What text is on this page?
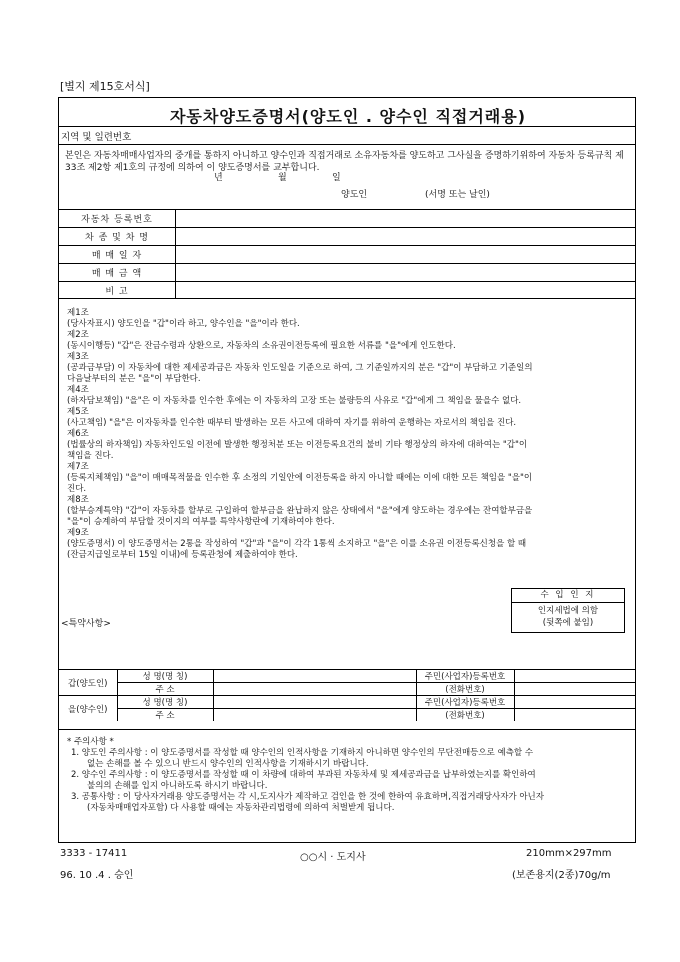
[별지 제15호서식]
자동차양도증명서(양도인 . 양수인 직접거래용)
지역 및 일련번호
본인은 자동차매매사업자의 중개를 통하지 아니하고 양수인과 직접거래로 소유자동차를 양도하고 그사실을 증명하기위하여 자동차 등록규칙 제33조 제2항 제1호의 규정에 의하여 이 양도증명서를 교부합니다.
년	월	일
양도인	(서명 또는 날인)
자동차 등록번호	
차 종 및 차 명	
매 매 일 자	
매 매 금 액	
비 고	

제1조

(당사자표시) 양도인을 "갑"이라 하고, 양수인을 "을"이라 한다.

제2조

(동시이행등) "갑"은 잔금수령과 상환으로, 자동차의 소유권이전등록에 필요한 서류를 "을"에게 인도한다.

제3조

(공과금부담) 이 자동차에 대한 제세공과금은 자동차 인도일을 기준으로 하여, 그 기준일까지의 분은 "갑"이 부담하고 기준일의

다음날부터의 분은 "을"이 부담한다.

제4조

(하자담보책임) "을"은 이 자동차를 인수한 후에는 이 자동차의 고장 또는 불량등의 사유로 "갑"에게 그 책임을 물을수 없다.

제5조

(사고책임) "을"은 이자동차를 인수한 때부터 발생하는 모든 사고에 대하여 자기를 위하여 운행하는 자로서의 책임을 진다.

제6조

(법률상의 하자책임) 자동차인도일 이전에 발생한 행정처분 또는 이전등록요건의 불비 기타 행정상의 하자에 대하여는 "갑"이

책임을 진다.

제7조

(등록지체책임) "을"이 매매목적물을 인수한 후 소정의 기일안에 이전등록을 하지 아니할 때에는 이에 대한 모든 책임을 "을"이

진다.

제8조

(할부승계특약) "갑"이 자동차를 할부로 구입하여 할부금을 완납하지 않은 상태에서 "을"에게 양도하는 경우에는 잔여할부금을

"을"이 승계하여 부담할 것이지의 여부를 특약사항란에 기재하여야 한다.

제9조

(양도증명서) 이 양도증명서는 2통을 작성하여 "갑"과 "을"이 각각 1통씩 소지하고 "을"은 이를 소유권 이전등록신청을 할 때

(잔금지급일로부터 15일 이내)에 등록관청에 제출하여야 한다.

<특약사항>
수 입 인 지
인지세법에 의함
(뒷쪽에 붙임)
갑(양도인)	성 명(명 칭)		주민(사업자)등록번호	
	주 소		(전화번호)	
을(양수인)	성 명(명 칭)		주민(사업자)등록번호	
	주 소		(전화번호)	

* 주의사항 *

1. 양도인 주의사항 : 이 양도증명서를 작성할 때 양수인의 인적사항을 기재하지 아니하면 양수인의 무단전매등으로 예측할 수

없는 손해를 볼 수 있으니 반드시 양수인의 인적사항을 기재하시기 바랍니다.

2. 양수인 주의사항 : 이 양도증명서를 작성할 때 이 차량에 대하여 부과된 자동차세 및 제세공과금을 납부하였는지를 확인하여

불의의 손해를 입지 아니하도록 하시기 바랍니다.

3. 공통사항 : 이 당사자거래용 양도증명서는 각 시,도지사가 제작하고 검인을 한 것에 한하여 유효하며,직접거래당사자가 아닌자

(자동차매매업자포함) 다 사용할 때에는 자동차관리법령에 의하여 처벌받게 됩니다.

3333 - 17411
96. 10 .4 . 승인
○○시 · 도지사	210mm×297mm
(보존용지(2종)70g/m
